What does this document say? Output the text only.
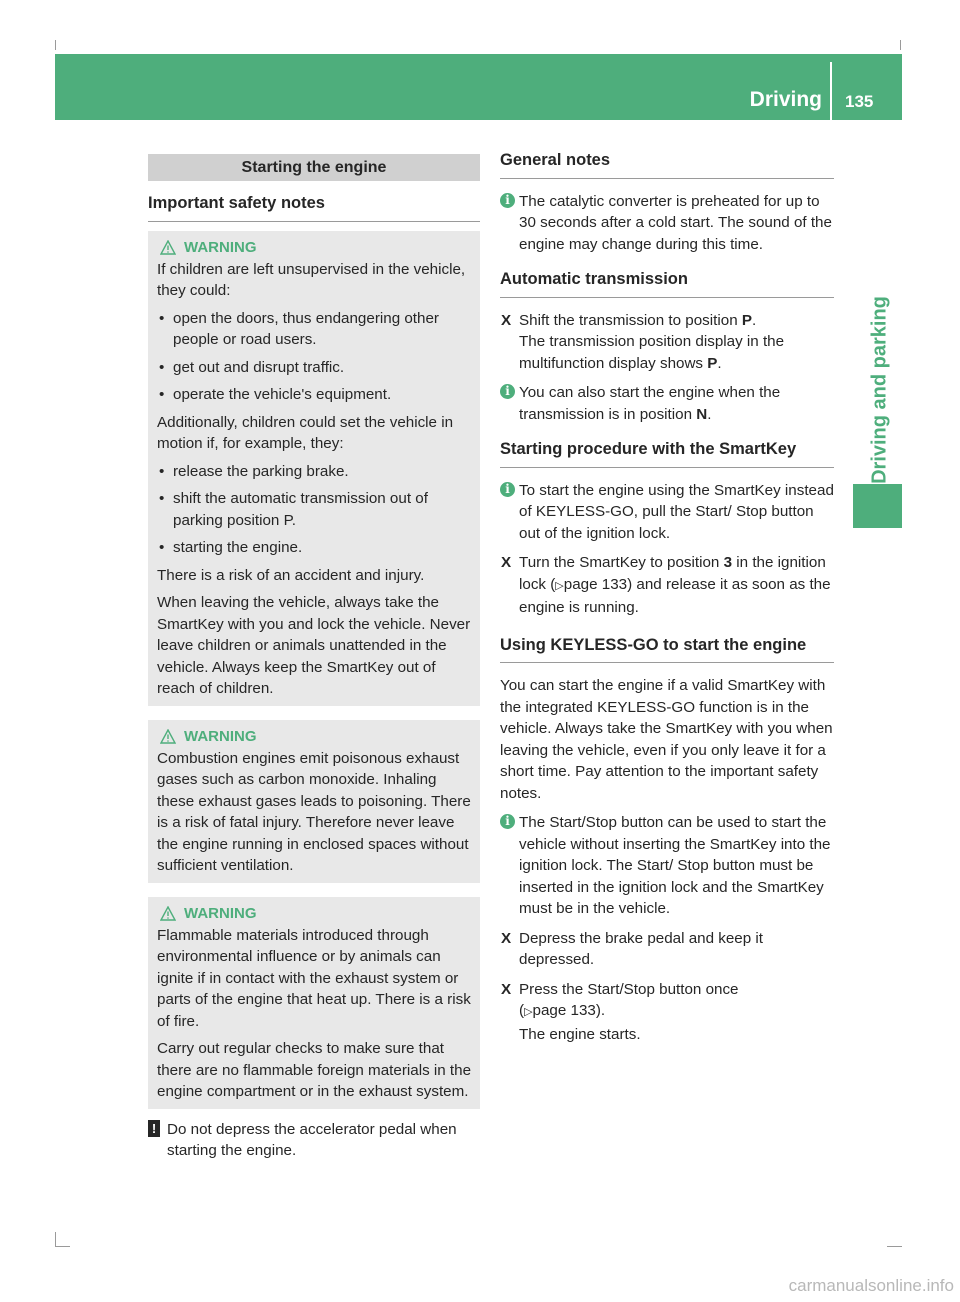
Driving 135
Driving and parking
Starting the engine
Important safety notes
WARNING

If children are left unsupervised in the vehicle, they could:

• open the doors, thus endangering other people or road users.
• get out and disrupt traffic.
• operate the vehicle's equipment.

Additionally, children could set the vehicle in motion if, for example, they:

• release the parking brake.
• shift the automatic transmission out of parking position P.
• starting the engine.

There is a risk of an accident and injury.

When leaving the vehicle, always take the SmartKey with you and lock the vehicle. Never leave children or animals unattended in the vehicle. Always keep the SmartKey out of reach of children.

WARNING

Combustion engines emit poisonous exhaust gases such as carbon monoxide. Inhaling these exhaust gases leads to poisoning. There is a risk of fatal injury. Therefore never leave the engine running in enclosed spaces without sufficient ventilation.

WARNING

Flammable materials introduced through environmental influence or by animals can ignite if in contact with the exhaust system or parts of the engine that heat up. There is a risk of fire.

Carry out regular checks to make sure that there are no flammable foreign materials in the engine compartment or in the exhaust system.

! Do not depress the accelerator pedal when starting the engine.
General notes
i The catalytic converter is preheated for up to 30 seconds after a cold start. The sound of the engine may change during this time.
Automatic transmission
X Shift the transmission to position P.
The transmission position display in the multifunction display shows P.
i You can also start the engine when the transmission is in position N.
Starting procedure with the SmartKey
i To start the engine using the SmartKey instead of KEYLESS-GO, pull the Start/ Stop button out of the ignition lock.
X Turn the SmartKey to position 3 in the ignition lock (▷page 133) and release it as soon as the engine is running.
Using KEYLESS-GO to start the engine

You can start the engine if a valid SmartKey with the integrated KEYLESS-GO function is in the vehicle. Always take the SmartKey with you when leaving the vehicle, even if you only leave it for a short time. Pay attention to the important safety notes.

i The Start/Stop button can be used to start the vehicle without inserting the SmartKey into the ignition lock. The Start/ Stop button must be inserted in the ignition lock and the SmartKey must be in the vehicle.
X Depress the brake pedal and keep it depressed.
X Press the Start/Stop button once
(▷page 133).
The engine starts.
carmanualsonline.info
